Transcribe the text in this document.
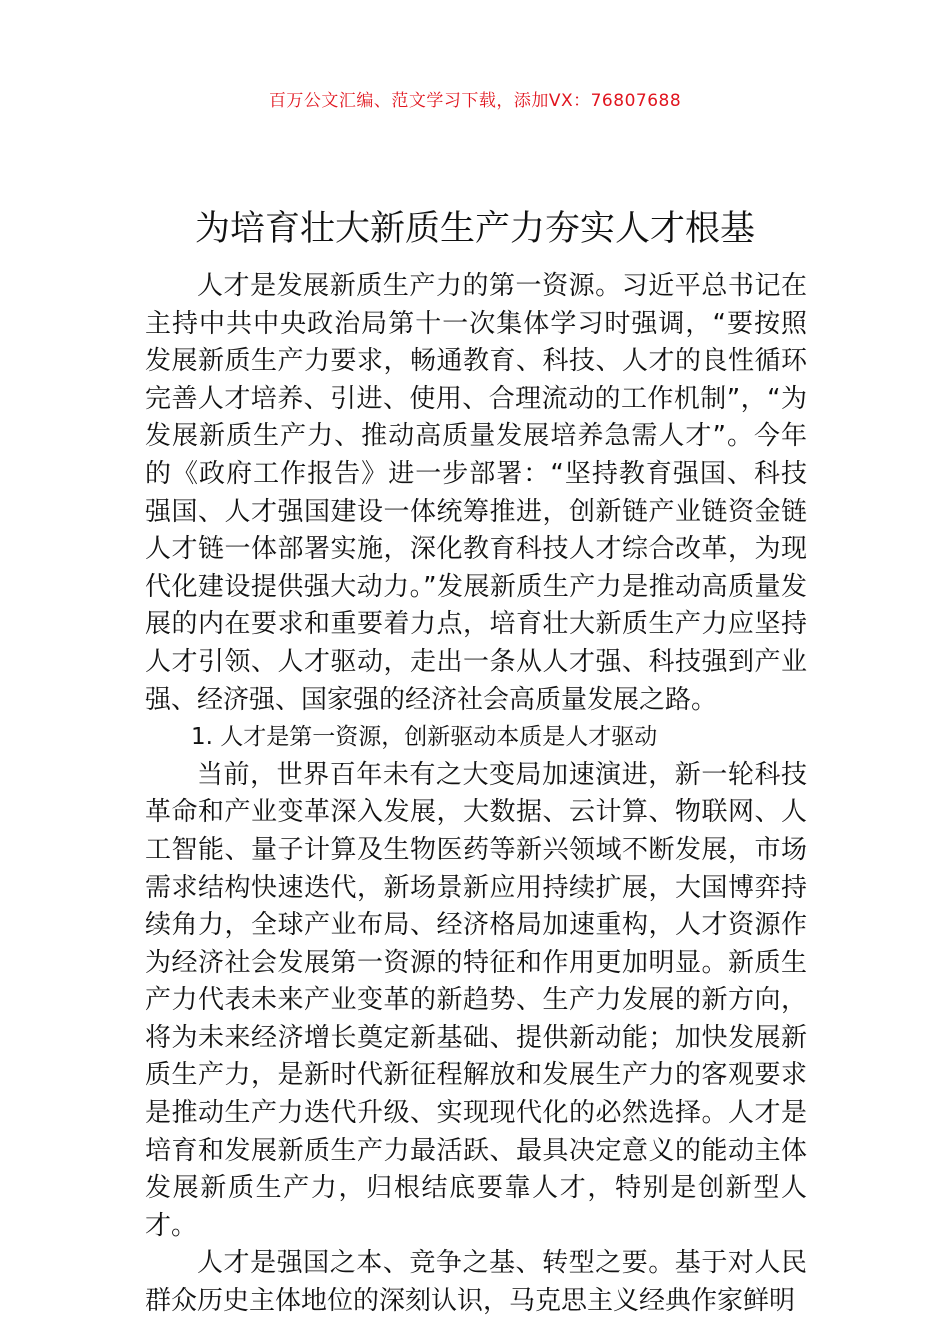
百万公文汇编、范文学习下载，添加VX：76807688
为培育壮大新质生产力夯实人才根基

人才是发展新质生产力的第一资源。习近平总书记在主持中共中央政治局第十一次集体学习时强调，“要按照发展新质生产力要求，畅通教育、科技、人才的良性循环完善人才培养、引进、使用、合理流动的工作机制”，“为发展新质生产力、推动高质量发展培养急需人才”。今年的《政府工作报告》进一步部署：“坚持教育强国、科技强国、人才强国建设一体统筹推进，创新链产业链资金链人才链一体部署实施，深化教育科技人才综合改革，为现代化建设提供强大动力。”发展新质生产力是推动高质量发展的内在要求和重要着力点，培育壮大新质生产力应坚持人才引领、人才驱动，走出一条从人才强、科技强到产业强、经济强、国家强的经济社会高质量发展之路。

1. 人才是第一资源，创新驱动本质是人才驱动

当前，世界百年未有之大变局加速演进，新一轮科技革命和产业变革深入发展，大数据、云计算、物联网、人工智能、量子计算及生物医药等新兴领域不断发展，市场需求结构快速迭代，新场景新应用持续扩展，大国博弈持续角力，全球产业布局、经济格局加速重构，人才资源作为经济社会发展第一资源的特征和作用更加明显。新质生产力代表未来产业变革的新趋势、生产力发展的新方向，将为未来经济增长奠定新基础、提供新动能；加快发展新质生产力，是新时代新征程解放和发展生产力的客观要求是推动生产力迭代升级、实现现代化的必然选择。人才是培育和发展新质生产力最活跃、最具决定意义的能动主体发展新质生产力，归根结底要靠人才，特别是创新型人才。

人才是强国之本、竞争之基、转型之要。基于对人民群众历史主体地位的深刻认识，马克思主义经典作家鲜明
